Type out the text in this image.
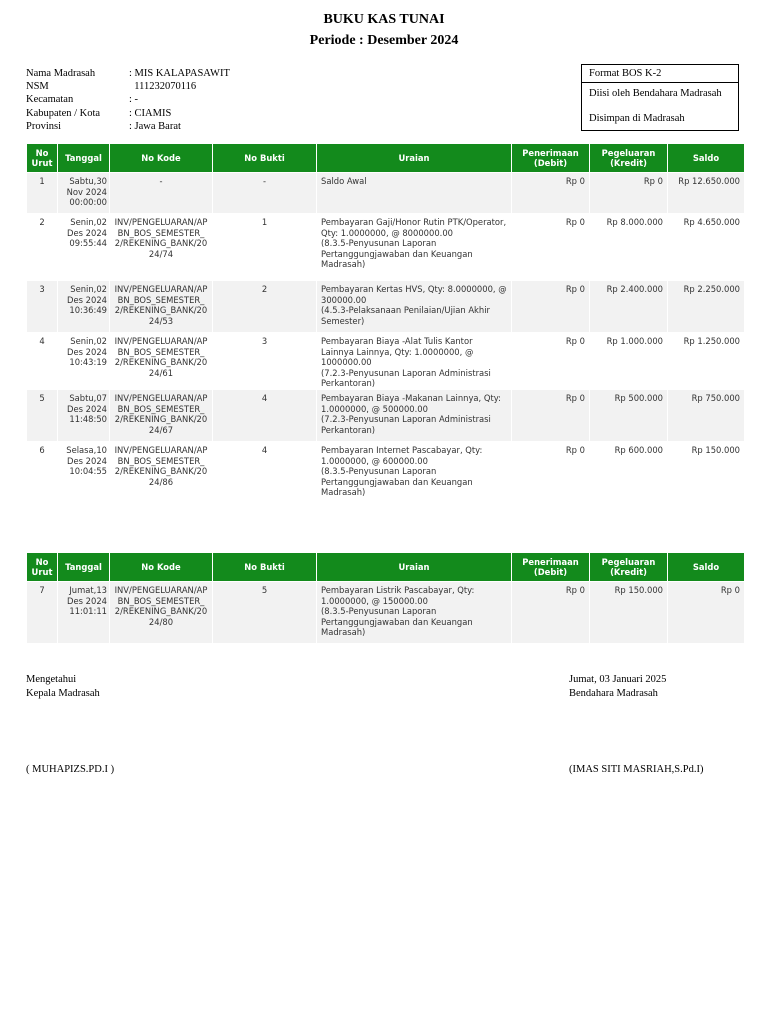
BUKU KAS TUNAI
Periode : Desember 2024
Nama Madrasah	: MIS KALAPASAWIT
NSM	111232070116
Kecamatan	: -
Kabupaten / Kota	: CIAMIS
Provinsi	: Jawa Barat
Format BOS K-2
Diisi oleh Bendahara Madrasah
Disimpan di Madrasah
No Urut	Tanggal	No Kode	No Bukti	Uraian	Penerimaan (Debit)	Pegeluaran (Kredit)	Saldo
1	Sabtu,30 Nov 2024 00:00:00	-	-	Saldo Awal	Rp 0	Rp 0	Rp 12.650.000
2	Senin,02 Des 2024 09:55:44	INV/PENGELUARAN/APBN_BOS_SEMESTER_2/REKENING_BANK/2024/74	1	Pembayaran Gaji/Honor Rutin PTK/Operator,
Qty: 1.0000000, @ 8000000.00
(8.3.5-Penyusunan Laporan Pertanggungjawaban dan Keuangan Madrasah)	Rp 0	Rp 8.000.000	Rp 4.650.000
3	Senin,02 Des 2024 10:36:49	INV/PENGELUARAN/APBN_BOS_SEMESTER_2/REKENING_BANK/2024/53	2	Pembayaran Kertas HVS, Qty: 8.0000000, @ 300000.00
(4.5.3-Pelaksanaan Penilaian/Ujian Akhir Semester)	Rp 0	Rp 2.400.000	Rp 2.250.000
4	Senin,02 Des 2024 10:43:19	INV/PENGELUARAN/APBN_BOS_SEMESTER_2/REKENING_BANK/2024/61	3	Pembayaran Biaya -Alat Tulis Kantor Lainnya Lainnya, Qty: 1.0000000, @ 1000000.00
(7.2.3-Penyusunan Laporan Administrasi Perkantoran)	Rp 0	Rp 1.000.000	Rp 1.250.000
5	Sabtu,07 Des 2024 11:48:50	INV/PENGELUARAN/APBN_BOS_SEMESTER_2/REKENING_BANK/2024/67	4	Pembayaran Biaya -Makanan Lainnya, Qty: 1.0000000, @ 500000.00
(7.2.3-Penyusunan Laporan Administrasi Perkantoran)	Rp 0	Rp 500.000	Rp 750.000
6	Selasa,10 Des 2024 10:04:55	INV/PENGELUARAN/APBN_BOS_SEMESTER_2/REKENING_BANK/2024/86	4	Pembayaran Internet Pascabayar, Qty: 1.0000000, @ 600000.00
(8.3.5-Penyusunan Laporan Pertanggungjawaban dan Keuangan Madrasah)	Rp 0	Rp 600.000	Rp 150.000
No Urut	Tanggal	No Kode	No Bukti	Uraian	Penerimaan (Debit)	Pegeluaran (Kredit)	Saldo
7	Jumat,13 Des 2024 11:01:11	INV/PENGELUARAN/APBN_BOS_SEMESTER_2/REKENING_BANK/2024/80	5	Pembayaran Listrik Pascabayar, Qty: 1.0000000, @ 150000.00
(8.3.5-Penyusunan Laporan Pertanggungjawaban dan Keuangan Madrasah)	Rp 0	Rp 150.000	Rp 0
Mengetahui
Kepala Madrasah
( MUHAPIZS.PD.I )
Jumat, 03 Januari 2025
Bendahara Madrasah
(IMAS SITI MASRIAH,S.Pd.I)
